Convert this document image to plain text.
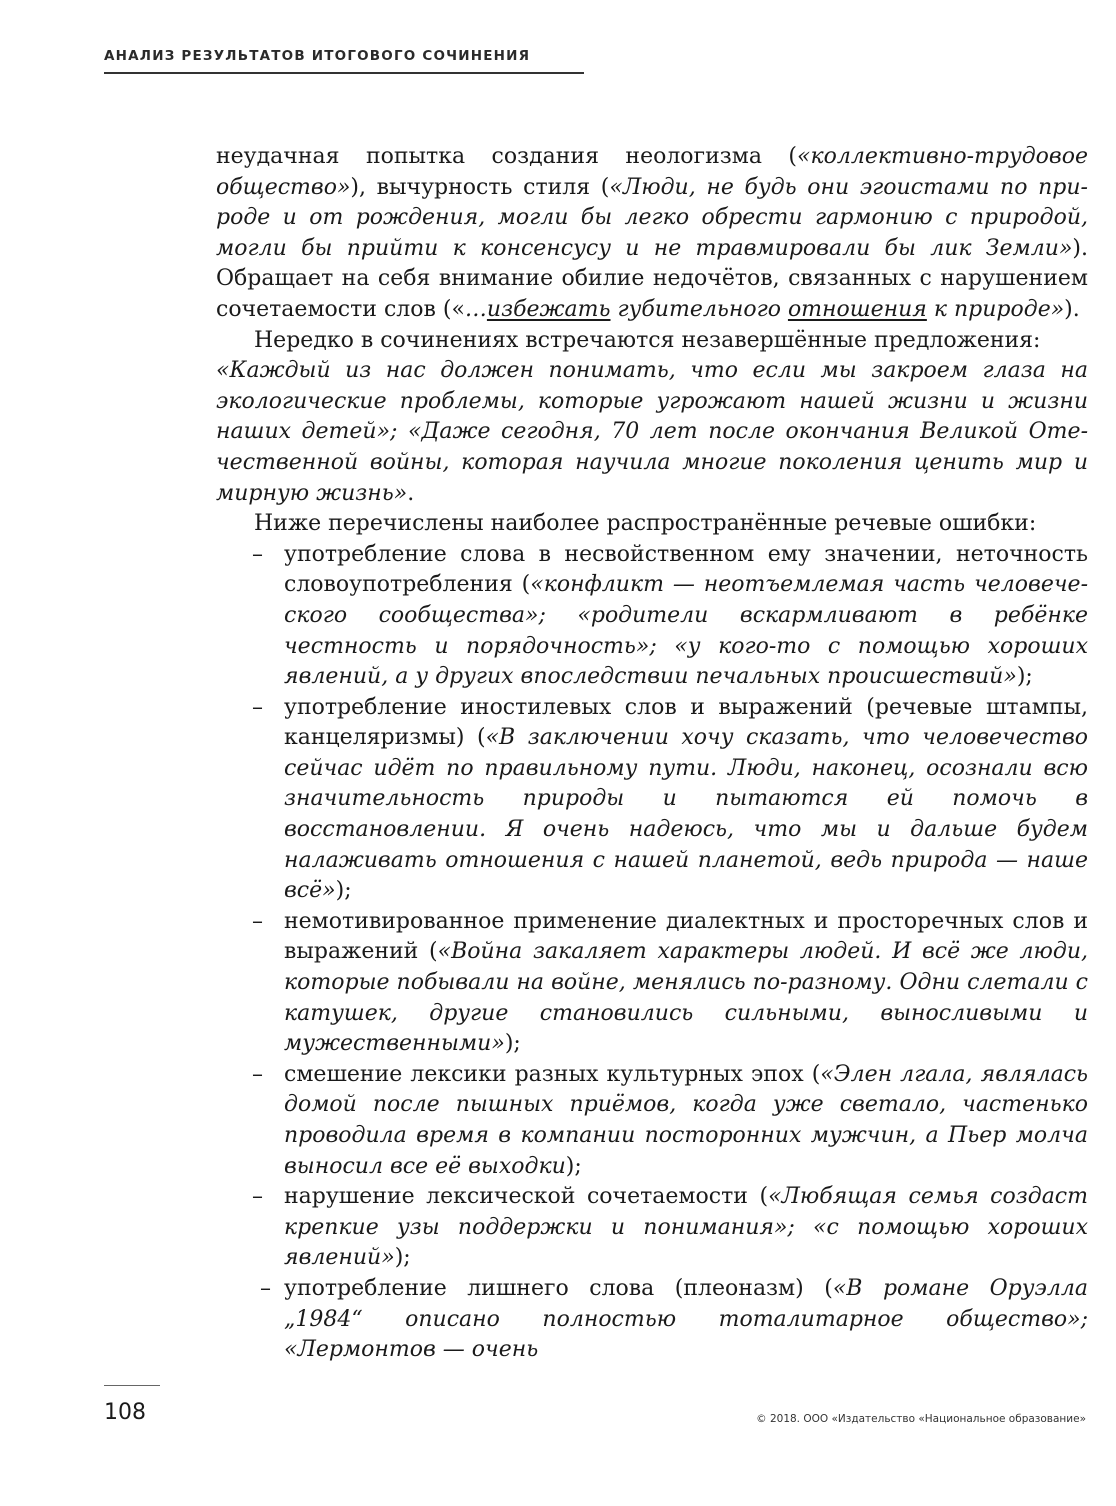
АНАЛИЗ РЕЗУЛЬТАТОВ ИТОГОВОГО СОЧИНЕНИЯ

неудачная попытка создания неологизма («коллективно-трудовое общество»), вычурность стиля («Люди, не будь они эгоистами по природе и от рождения, могли бы легко обрести гармонию с природой, могли бы прийти к консенсусу и не травмировали бы лик Земли»). Обращает на себя внимание обилие недочётов, связанных с нарушением сочетаемости слов («…избежать губительного отношения к природе»).

Нередко в сочинениях встречаются незавершённые предложения:
«Каждый из нас должен понимать, что если мы закроем глаза на экологические проблемы, которые угрожают нашей жизни и жизни наших детей»; «Даже сегодня, 70 лет после окончания Великой Отечественной войны, которая научила многие поколения ценить мир и мирную жизнь».

Ниже перечислены наиболее распространённые речевые ошибки:

– употребление слова в несвойственном ему значении, неточность словоупотребления («конфликт — неотъемлемая часть человеческого сообщества»; «родители вскармливают в ребёнке честность и порядочность»; «у кого-то с помощью хороших явлений, а у других впоследствии печальных происшествий»);
– употребление иностилевых слов и выражений (речевые штампы, канцеляризмы) («В заключении хочу сказать, что человечество сейчас идёт по правильному пути. Люди, наконец, осознали всю значительность природы и пытаются ей помочь в восстановлении. Я очень надеюсь, что мы и дальше будем налаживать отношения с нашей планетой, ведь природа — наше всё»);
– немотивированное применение диалектных и просторечных слов и выражений («Война закаляет характеры людей. И всё же люди, которые побывали на войне, менялись по-разному. Одни слетали с катушек, другие становились сильными, выносливыми и мужественными»);
– смешение лексики разных культурных эпох («Элен лгала, являлась домой после пышных приёмов, когда уже светало, частенько проводила время в компании посторонних мужчин, а Пьер молча выносил все её выходки);
– нарушение лексической сочетаемости («Любящая семья создаст крепкие узы поддержки и понимания»; «с помощью хороших явлений»);
– употребление лишнего слова (плеоназм) («В романе Оруэлла „1984“ описано полностью тоталитарное общество»; «Лермонтов — очень
108	© 2018. ООО «Издательство «Национальное образование»
